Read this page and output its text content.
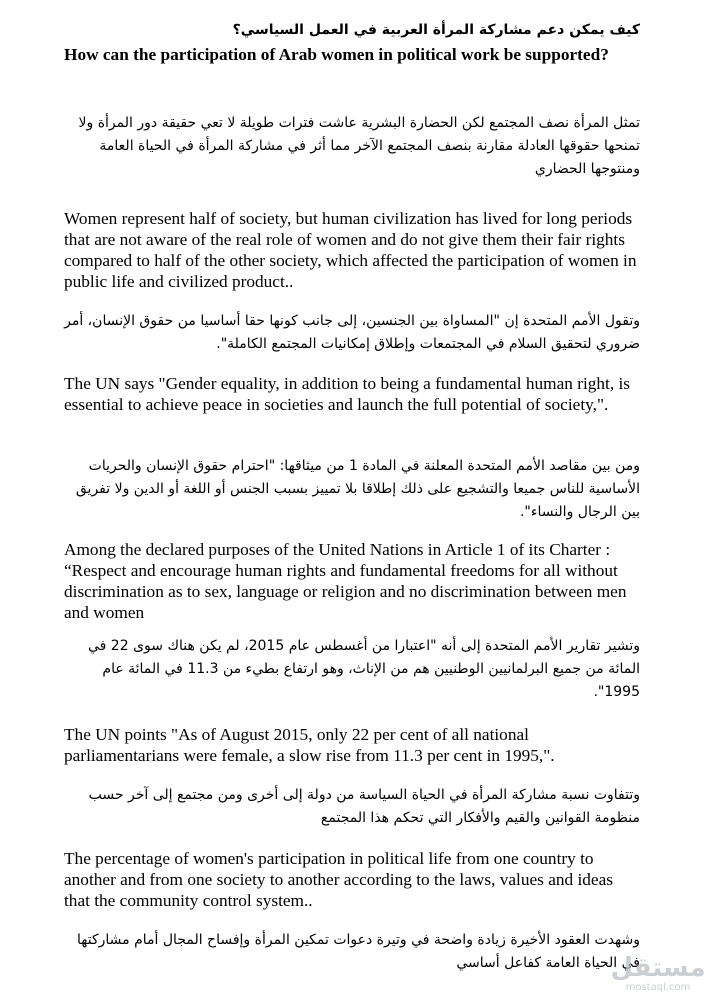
كيف يمكن دعم مشاركة المرأة العربية في العمل السياسي؟

How can the participation of Arab women in political work be supported?

تمثل المرأة نصف المجتمع لكن الحضارة البشرية عاشت فترات طويلة لا تعي حقيقة دور المرأة ولا تمنحها حقوقها العادلة مقارنة بنصف المجتمع الآخر مما أثر في مشاركة المرأة في الحياة العامة ومنتوجها الحضاري

Women represent half of society, but human civilization has lived for long periods that are not aware of the real role of women and do not give them their fair rights compared to half of the other society, which affected the participation of women in public life and civilized product..

وتقول الأمم المتحدة إن "المساواة بين الجنسين، إلى جانب كونها حقا أساسيا من حقوق الإنسان، أمر ضروري لتحقيق السلام في المجتمعات وإطلاق إمكانيات المجتمع الكاملة".

The UN says "Gender equality, in addition to being a fundamental human right, is essential to achieve peace in societies and launch the full potential of society,".

ومن بين مقاصد الأمم المتحدة المعلنة في المادة 1 من ميثاقها: "احترام حقوق الإنسان والحريات الأساسية للناس جميعا والتشجيع على ذلك إطلاقا بلا تمييز بسبب الجنس أو اللغة أو الدين ولا تفريق بين الرجال والنساء".

Among the declared purposes of the United Nations in Article 1 of its Charter : “Respect and encourage human rights and fundamental freedoms for all without discrimination as to sex, language or religion and no discrimination between men and women

وتشير تقارير الأمم المتحدة إلى أنه "اعتبارا من أغسطس عام 2015، لم يكن هناك سوى 22 في المائة من جميع البرلمانيين الوطنيين هم من الإناث، وهو ارتفاع بطيء من 11.3 في المائة عام 1995".

The UN points "As of August 2015, only 22 per cent of all national parliamentarians were female, a slow rise from 11.3 per cent in 1995,".

وتتفاوت نسبة مشاركة المرأة في الحياة السياسة من دولة إلى أخرى ومن مجتمع إلى آخر حسب منظومة القوانين والقيم والأفكار التي تحكم هذا المجتمع

The percentage of women's participation in political life from one country to another and from one society to another according to the laws, values and ideas that the community control system..

وشهدت العقود الأخيرة زيادة واضحة في وتيرة دعوات تمكين المرأة وإفساح المجال أمام مشاركتها في الحياة العامة كفاعل أساسي

مستقل
mostaql.com
